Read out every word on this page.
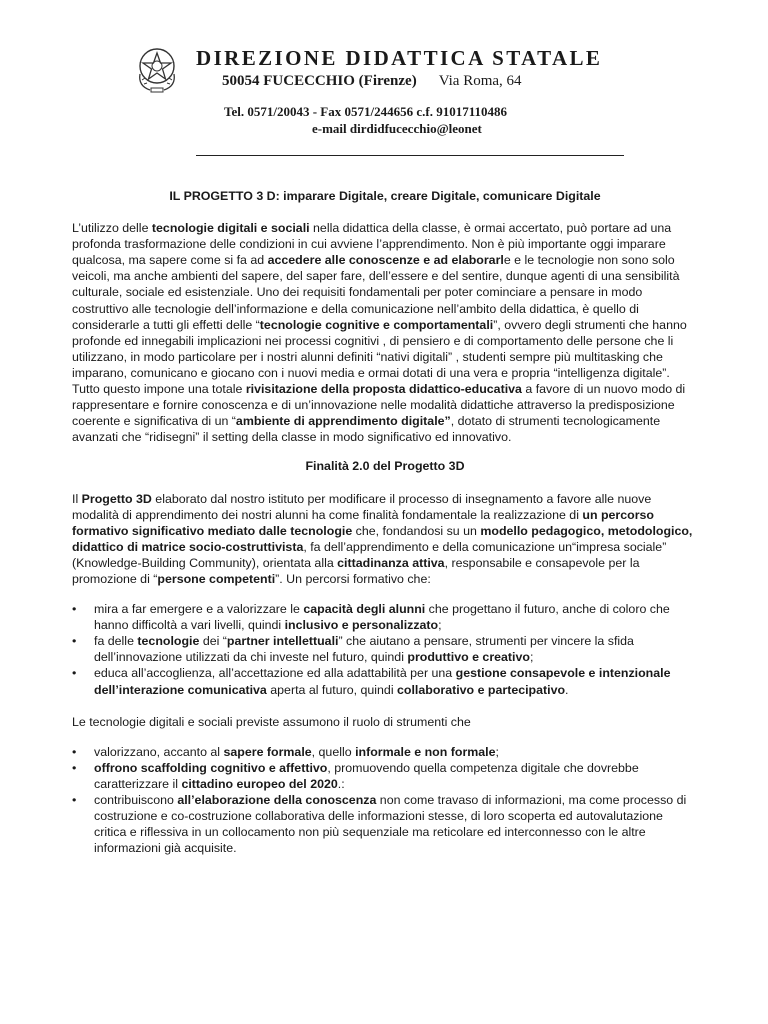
DIREZIONE DIDATTICA STATALE
50054 FUCECCHIO (Firenze) Via Roma, 64
Tel. 0571/20043 - Fax 0571/244656 c.f. 91017110486
e-mail dirdidfucecchio@leonet

IL PROGETTO 3 D: imparare Digitale, creare Digitale, comunicare Digitale

L’utilizzo delle tecnologie digitali e sociali nella didattica della classe, è ormai accertato, può portare ad una profonda trasformazione delle condizioni in cui avviene l’apprendimento. Non è più importante oggi imparare qualcosa, ma sapere come si fa ad accedere alle conoscenze e ad elaborarle e le tecnologie non sono solo veicoli, ma anche ambienti del sapere, del saper fare, dell’essere e del sentire, dunque agenti di una sensibilità culturale, sociale ed esistenziale. Uno dei requisiti fondamentali per poter cominciare a pensare in modo costruttivo alle tecnologie dell’informazione e della comunicazione nell’ambito della didattica, è quello di considerarle a tutti gli effetti delle “tecnologie cognitive e comportamentali”, ovvero degli strumenti che hanno profonde ed innegabili implicazioni nei processi cognitivi , di pensiero e di comportamento delle persone che li utilizzano, in modo particolare per i nostri alunni definiti “nativi digitali” , studenti sempre più multitasking che imparano, comunicano e giocano con i nuovi media e ormai dotati di una vera e propria “intelligenza digitale”. Tutto questo impone una totale rivisitazione della proposta didattico-educativa a favore di un nuovo modo di rappresentare e fornire conoscenza e di un’innovazione nelle modalità didattiche attraverso la predisposizione coerente e significativa di un “ambiente di apprendimento digitale”, dotato di strumenti tecnologicamente avanzati che “ridisegni” il setting della classe in modo significativo ed innovativo.

Finalità 2.0 del Progetto 3D

Il Progetto 3D elaborato dal nostro istituto per modificare il processo di insegnamento a favore alle nuove modalità di apprendimento dei nostri alunni ha come finalità fondamentale la realizzazione di un percorso formativo significativo mediato dalle tecnologie che, fondandosi su un modello pedagogico, metodologico, didattico di matrice socio-costruttivista, fa dell’apprendimento e della comunicazione un“impresa sociale” (Knowledge-Building Community), orientata alla cittadinanza attiva, responsabile e consapevole per la promozione di “persone competenti”. Un percorsi formativo che:

• mira a far emergere e a valorizzare le capacità degli alunni che progettano il futuro, anche di coloro che hanno difficoltà a vari livelli, quindi inclusivo e personalizzato;
• fa delle tecnologie dei “partner intellettuali” che aiutano a pensare, strumenti per vincere la sfida dell’innovazione utilizzati da chi investe nel futuro, quindi produttivo e creativo;
• educa all’accoglienza, all’accettazione ed alla adattabilità per una gestione consapevole e intenzionale dell’interazione comunicativa aperta al futuro, quindi collaborativo e partecipativo.

Le tecnologie digitali e sociali previste assumono il ruolo di strumenti che

• valorizzano, accanto al sapere formale, quello informale e non formale;
• offrono scaffolding cognitivo e affettivo, promuovendo quella competenza digitale che dovrebbe caratterizzare il cittadino europeo del 2020.:
• contribuiscono all’elaborazione della conoscenza non come travaso di informazioni, ma come processo di costruzione e co-costruzione collaborativa delle informazioni stesse, di loro scoperta ed autovalutazione critica e riflessiva in un collocamento non più sequenziale ma reticolare ed interconnesso con le altre informazioni già acquisite.
